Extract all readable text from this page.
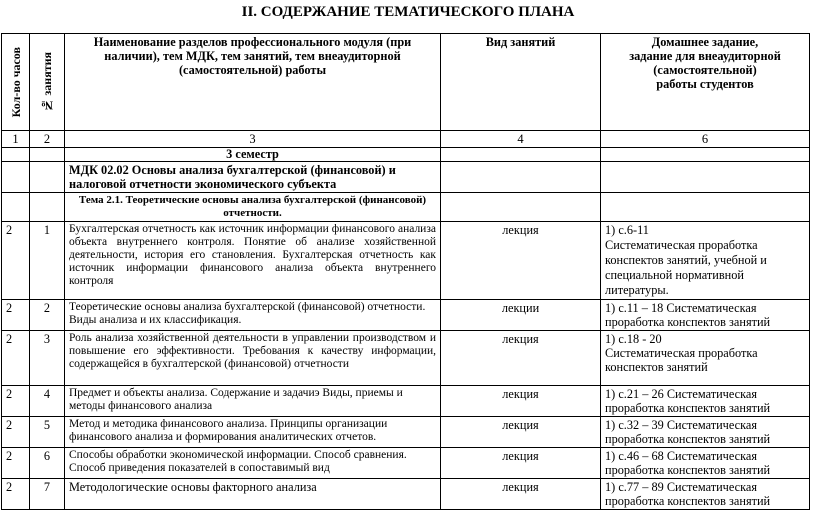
II. СОДЕРЖАНИЕ ТЕМАТИЧЕСКОГО ПЛАНА
Кол-во часов	№ занятия	Наименование разделов профессионального модуля (при наличии), тем МДК, тем занятий, тем внеаудиторной (самостоятельной) работы	Вид занятий	Домашнее задание,
задание для внеаудиторной
(самостоятельной)
работы студентов
1	2	3	4	6
		3 семестр		
		МДК 02.02 Основы анализа бухгалтерской (финансовой) и налоговой отчетности экономического субъекта		
		Тема 2.1. Теоретические основы анализа бухгалтерской (финансовой) отчетности.		
2	1	Бухгалтерская отчетность как источник информации финансового анализа объекта внутреннего контроля. Понятие об анализе хозяйственной деятельности, история его становления. Бухгалтерская отчетность как источник информации финансового анализа объекта внутреннего контроля	лекция	1) с.6-11
Систематическая проработка конспектов занятий, учебной и специальной нормативной литературы.
2	2	Теоретические основы анализа бухгалтерской (финансовой) отчетности. Виды анализа и их классификация.	лекции	1) с.11 – 18 Систематическая проработка конспектов занятий
2	3	Роль анализа хозяйственной деятельности в управлении производством и повышение его эффективности. Требования к качеству информации, содержащейся в бухгалтерской (финансовой) отчетности	лекция	1) с.18 - 20
Систематическая проработка конспектов занятий
2	4	Предмет и объекты анализа. Содержание и задачиэ Виды, приемы и методы финансового анализа	лекция	1) с.21 – 26 Систематическая проработка конспектов занятий
2	5	Метод и методика финансового анализа. Принципы организации финансового анализа и формирования аналитических отчетов.	лекция	1) с.32 – 39 Систематическая проработка конспектов занятий
2	6	Способы обработки экономической информации. Способ сравнения. Способ приведения показателей в сопоставимый вид	лекция	1) с.46 – 68 Систематическая проработка конспектов занятий
2	7	Методологические основы факторного анализа	лекция	1) с.77 – 89 Систематическая проработка конспектов занятий
